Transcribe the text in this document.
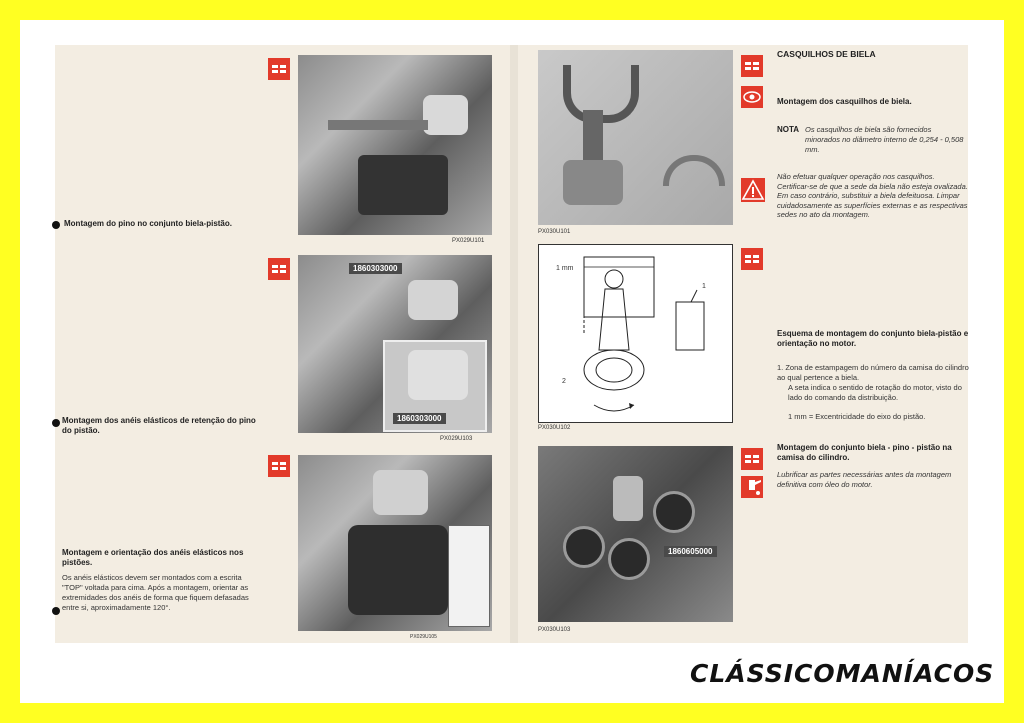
PX029U101
1860303000
1860303000
PX029U103
PX029U105
Montagem do pino no conjunto biela-pistão.
Montagem dos anéis elásticos de retenção do pino do pistão.
Montagem e orientação dos anéis elásticos nos pistões.
Os anéis elásticos devem ser montados com a escrita "TOP" voltada para cima. Após a montagem, orientar as extremidades dos anéis de forma que fiquem defasadas entre si, aproximadamente 120°.
PX030U101
CASQUILHOS DE BIELA
Montagem dos casquilhos de biela.
NOTA Os casquilhos de biela são fornecidos minorados no diâmetro interno de 0,254 - 0,508 mm.
Não efetuar qualquer operação nos casquilhos. Certificar-se de que a sede da biela não esteja ovalizada. Em caso contrário, substituir a biela defeituosa. Limpar cuidadosamente as superfícies externas e as respectivas sedes no ato da montagem.
1 mm
1
2
PX030U102
Esquema de montagem do conjunto biela-pistão e orientação no motor.
1. Zona de estampagem do número da camisa do cilindro ao qual pertence a biela.
A seta indica o sentido de rotação do motor, visto do lado do comando da distribuição.
1 mm = Excentricidade do eixo do pistão.
Montagem do conjunto biela - pino - pistão na camisa do cilindro.
Lubrificar as partes necessárias antes da montagem definitiva com óleo do motor.
1860605000
PX030U103
CLÁSSICOMANÍACOS
